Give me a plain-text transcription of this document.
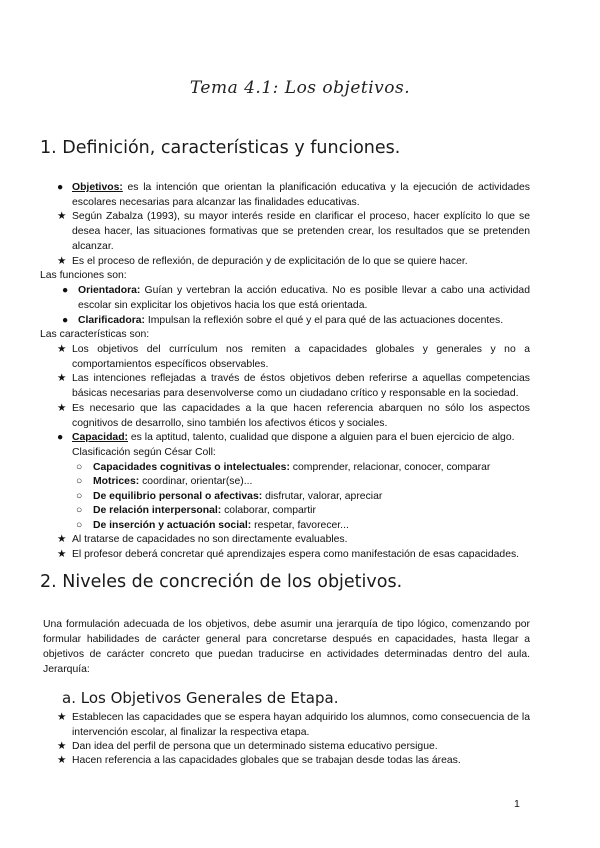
Tema 4.1: Los objetivos.
1. Definición, características y funciones.
● Objetivos: es la intención que orientan la planificación educativa y la ejecución de actividades escolares necesarias para alcanzar las finalidades educativas.
★ Según Zabalza (1993), su mayor interés reside en clarificar el proceso, hacer explícito lo que se desea hacer, las situaciones formativas que se pretenden crear, los resultados que se pretenden alcanzar.
★ Es el proceso de reflexión, de depuración y de explicitación de lo que se quiere hacer.
Las funciones son:
● Orientadora: Guían y vertebran la acción educativa. No es posible llevar a cabo una actividad escolar sin explicitar los objetivos hacia los que está orientada.
● Clarificadora: Impulsan la reflexión sobre el qué y el para qué de las actuaciones docentes.
Las características son:
★ Los objetivos del currículum nos remiten a capacidades globales y generales y no a comportamientos específicos observables.
★ Las intenciones reflejadas a través de éstos objetivos deben referirse a aquellas competencias básicas necesarias para desenvolverse como un ciudadano crítico y responsable en la sociedad.
★ Es necesario que las capacidades a la que hacen referencia abarquen no sólo los aspectos cognitivos de desarrollo, sino también los afectivos éticos y sociales.
● Capacidad: es la aptitud, talento, cualidad que dispone a alguien para el buen ejercicio de algo.
Clasificación según César Coll:
○	Capacidades cognitivas o intelectuales: comprender, relacionar, conocer, comparar
○	Motrices: coordinar, orientar(se)...
○	De equilibrio personal o afectivas: disfrutar, valorar, apreciar
○	De relación interpersonal: colaborar, compartir
○	De inserción y actuación social: respetar, favorecer...
★ Al tratarse de capacidades no son directamente evaluables.
★ El profesor deberá concretar qué aprendizajes espera como manifestación de esas capacidades.
2. Niveles de concreción de los objetivos.
Una formulación adecuada de los objetivos, debe asumir una jerarquía de tipo lógico, comenzando por formular habilidades de carácter general para concretarse después en capacidades, hasta llegar a objetivos de carácter concreto que puedan traducirse en actividades determinadas dentro del aula. Jerarquía:
a. Los Objetivos Generales de Etapa.
★ Establecen las capacidades que se espera hayan adquirido los alumnos, como consecuencia de la intervención escolar, al finalizar la respectiva etapa.
★ Dan idea del perfil de persona que un determinado sistema educativo persigue.
★ Hacen referencia a las capacidades globales que se trabajan desde todas las áreas.
1
